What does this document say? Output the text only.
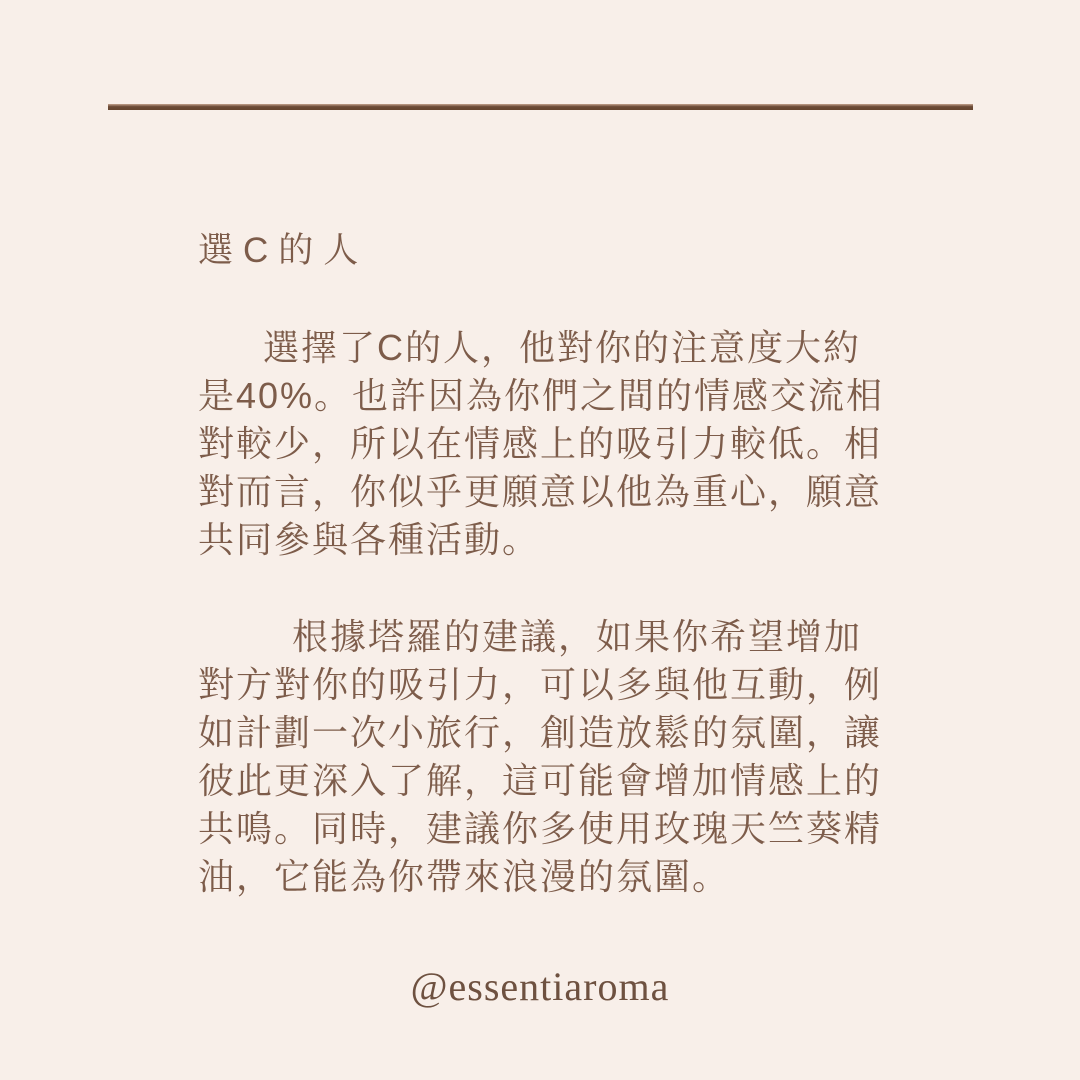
選C的人

選擇了C的人，他對你的注意度大約是40%。也許因為你們之間的情感交流相對較少，所以在情感上的吸引力較低。相對而言，你似乎更願意以他為重心，願意共同參與各種活動。

根據塔羅的建議，如果你希望增加對方對你的吸引力，可以多與他互動，例如計劃一次小旅行，創造放鬆的氛圍，讓彼此更深入了解，這可能會增加情感上的共鳴。同時，建議你多使用玫瑰天竺葵精油，它能為你帶來浪漫的氛圍。

@essentiaroma
